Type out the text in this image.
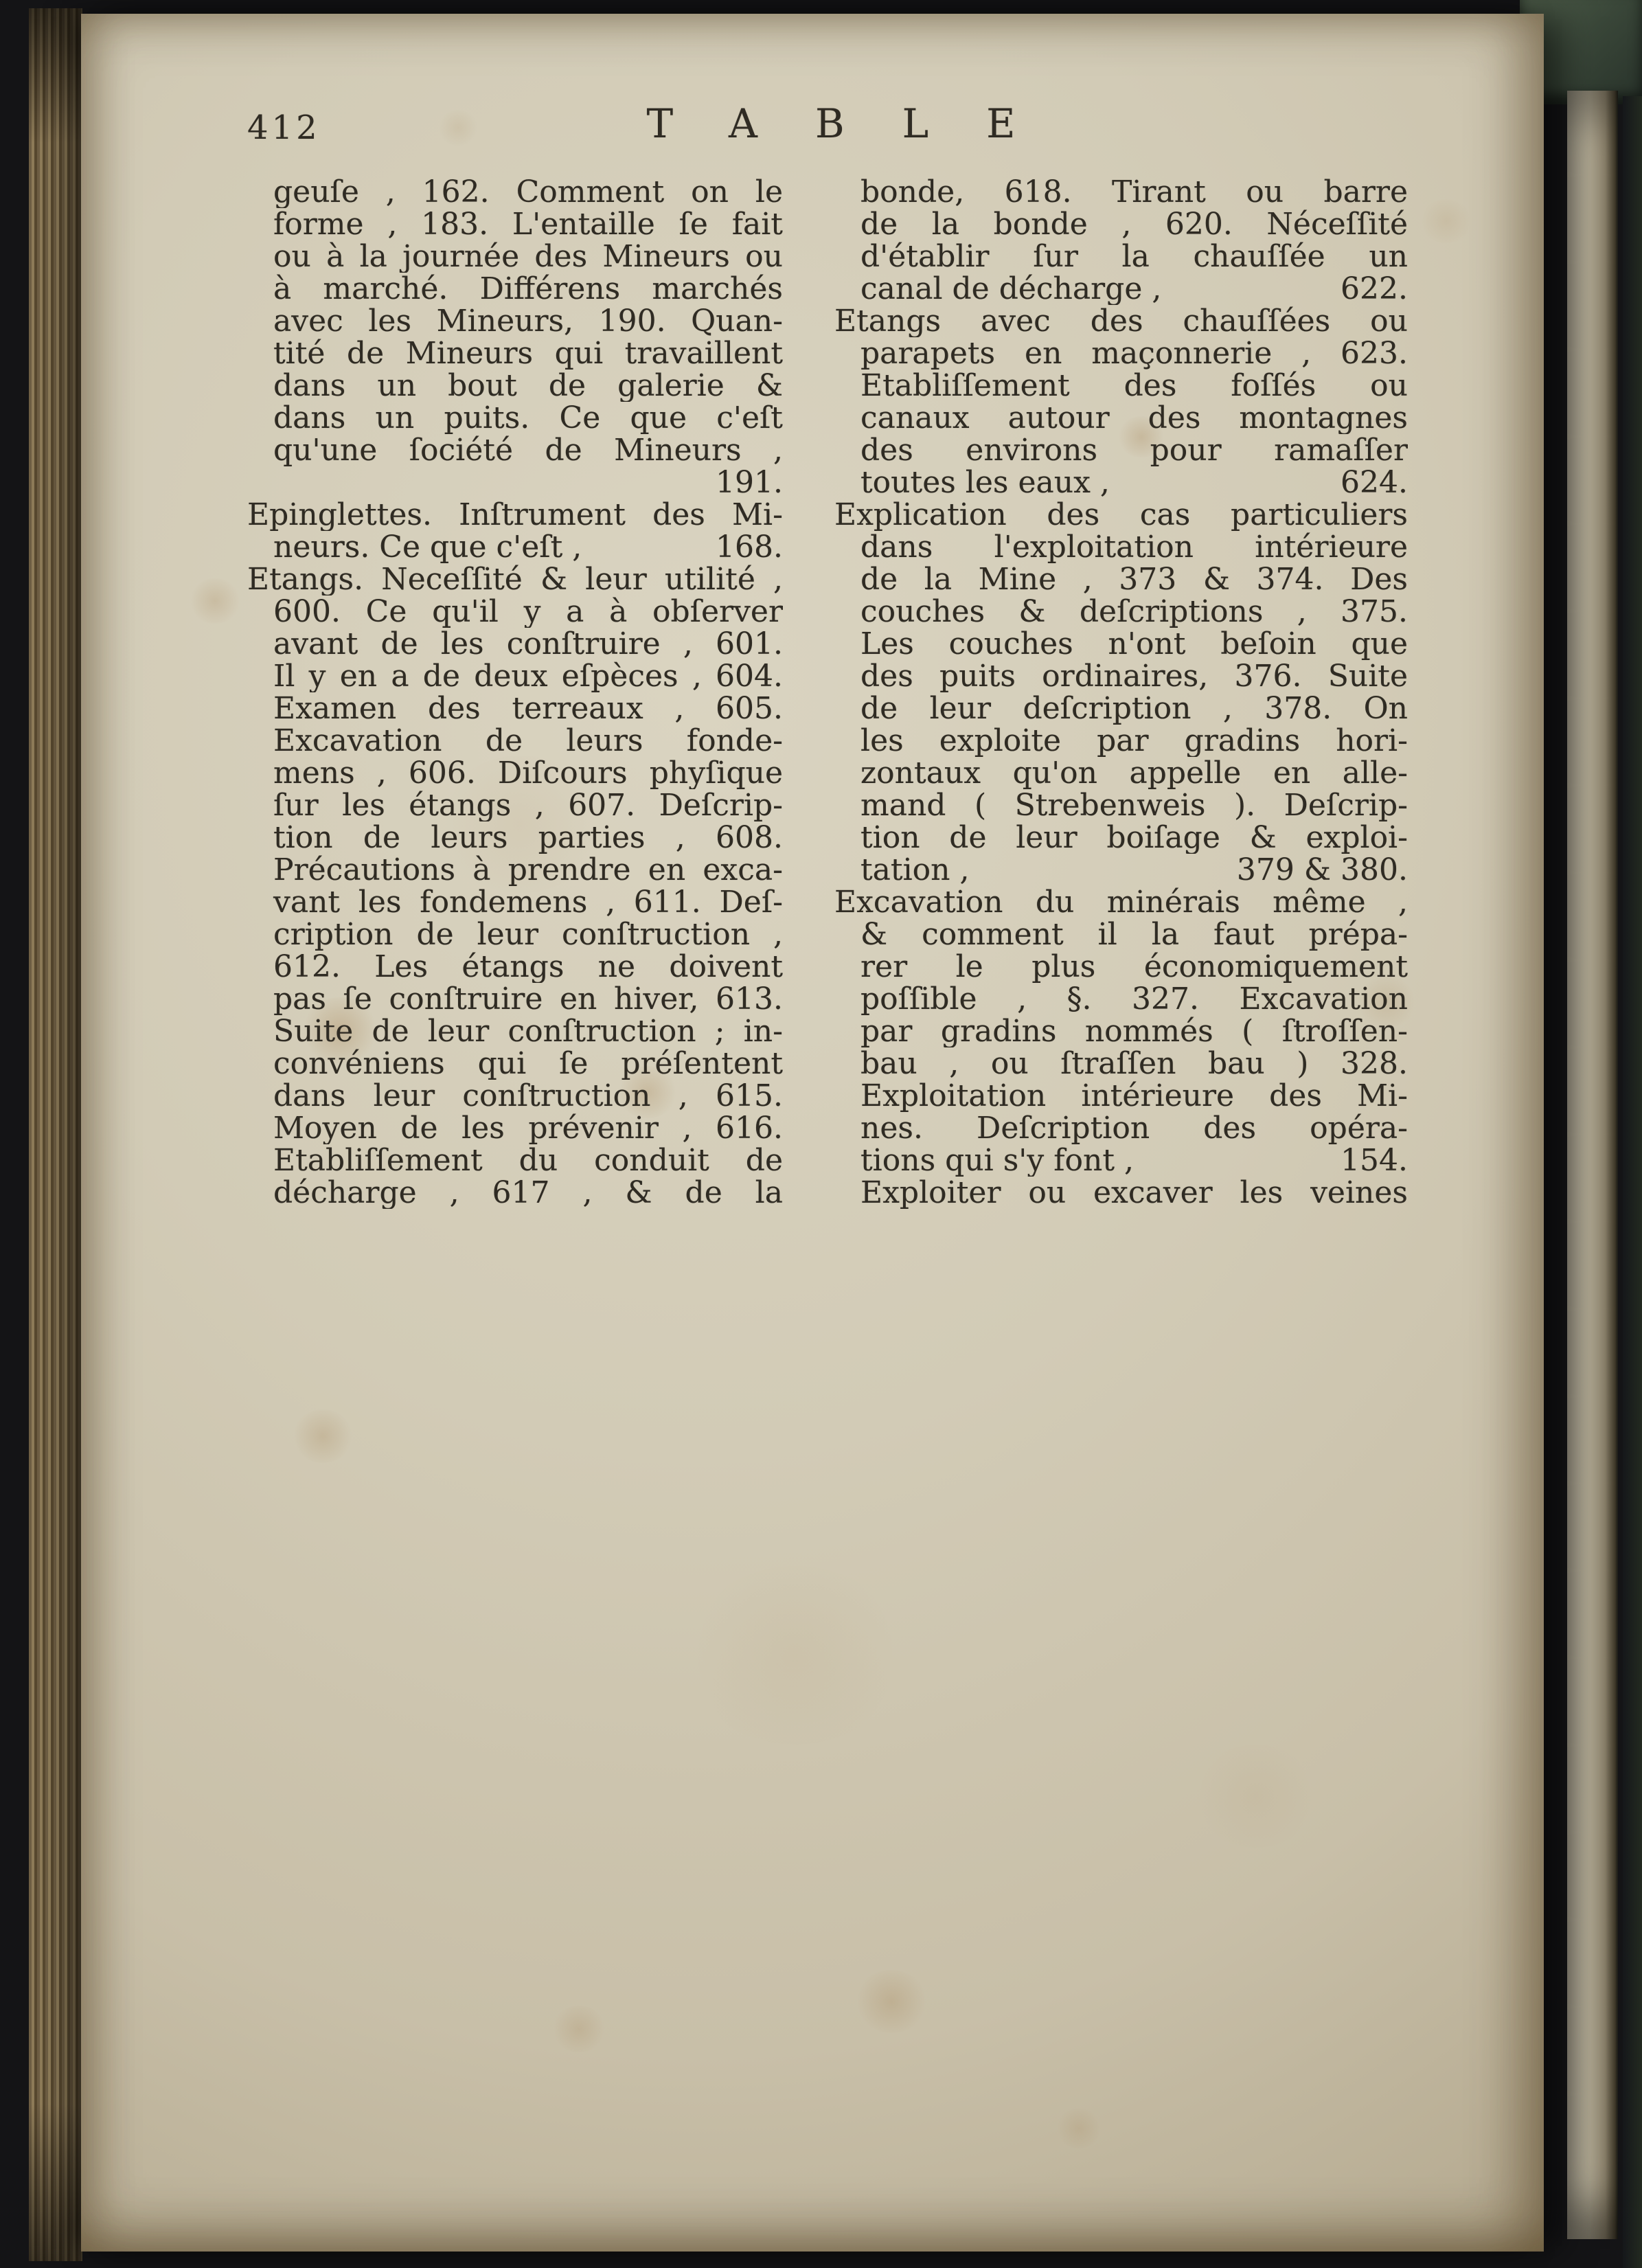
412	TABLE
geuſe , 162. Comment on le
forme , 183. L'entaille ſe fait
ou à la journée des Mineurs ou
à marché. Différens marchés
avec les Mineurs, 190. Quan-
tité de Mineurs qui travaillent
dans un bout de galerie &
dans un puits. Ce que c'eſt
qu'une ſociété de Mineurs ,
191.
Epinglettes. Inſtrument des Mi-
neurs. Ce que c'eſt ,	168.
Etangs. Neceſſité & leur utilité ,
600. Ce qu'il y a à obſerver
avant de les conſtruire , 601.
Il y en a de deux eſpèces , 604.
Examen des terreaux , 605.
Excavation de leurs fonde-
mens , 606. Diſcours phyſique
ſur les étangs , 607. Deſcrip-
tion de leurs parties , 608.
Précautions à prendre en exca-
vant les fondemens , 611. Deſ-
cription de leur conſtruction ,
612. Les étangs ne doivent
pas ſe conſtruire en hiver, 613.
Suite de leur conſtruction ; in-
convéniens qui ſe préſentent
dans leur conſtruction , 615.
Moyen de les prévenir , 616.
Etabliſſement du conduit de
décharge , 617 , & de la
bonde, 618. Tirant ou barre
de la bonde , 620. Néceſſité
d'établir ſur la chauſſée un
canal de décharge ,	622.
Etangs avec des chauſſées ou
parapets en maçonnerie , 623.
Etabliſſement des foſſés ou
canaux autour des montagnes
des environs pour ramaſſer
toutes les eaux ,	624.
Explication des cas particuliers
dans l'exploitation intérieure
de la Mine , 373 & 374. Des
couches & deſcriptions , 375.
Les couches n'ont beſoin que
des puits ordinaires, 376. Suite
de leur deſcription , 378. On
les exploite par gradins hori-
zontaux qu'on appelle en alle-
mand ( Strebenweis ). Deſcrip-
tion de leur boiſage & exploi-
tation ,	379 & 380.
Excavation du minérais même ,
& comment il la faut prépa-
rer le plus économiquement
poſſible , §. 327. Excavation
par gradins nommés ( ſtroſſen-
bau , ou ſtraſſen bau ) 328.
Exploitation intérieure des Mi-
nes. Deſcription des opéra-
tions qui s'y font ,	154.
Exploiter ou excaver les veines
